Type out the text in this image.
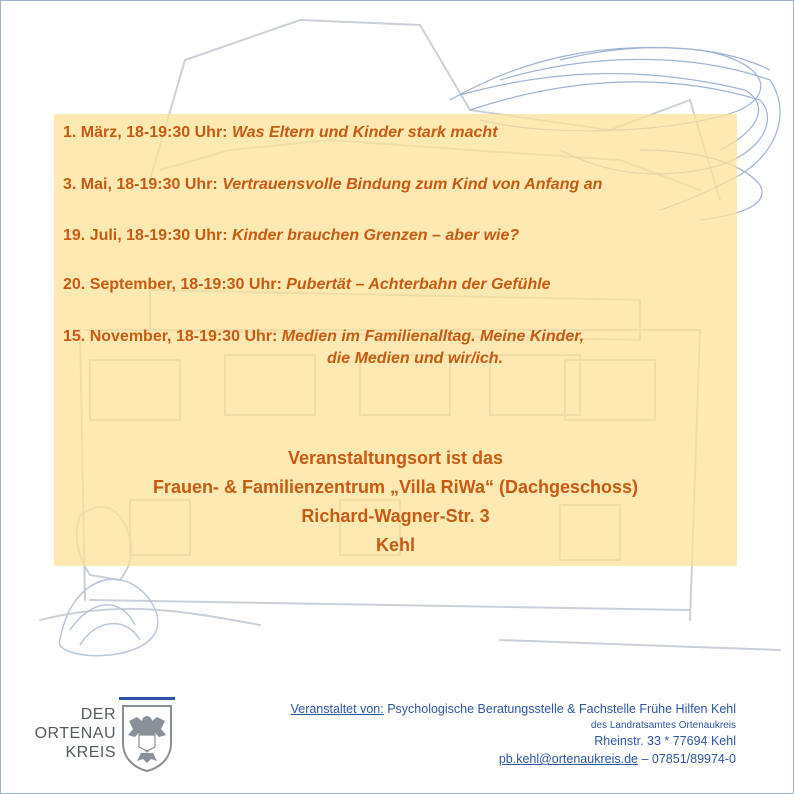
1. März, 18-19:30 Uhr: Was Eltern und Kinder stark macht
3. Mai, 18-19:30 Uhr: Vertrauensvolle Bindung zum Kind von Anfang an
19. Juli, 18-19:30 Uhr: Kinder brauchen Grenzen – aber wie?
20. September, 18-19:30 Uhr: Pubertät – Achterbahn der Gefühle
15. November, 18-19:30 Uhr: Medien im Familienalltag. Meine Kinder,
die Medien und wir/ich.
Veranstaltungsort ist das
Frauen- & Familienzentrum „Villa RiWa“ (Dachgeschoss)
Richard-Wagner-Str. 3
Kehl
DER
ORTENAU
KREIS
Veranstaltet von: Psychologische Beratungsstelle & Fachstelle Frühe Hilfen Kehl
des Landratsamtes Ortenaukreis
Rheinstr. 33 * 77694 Kehl
pb.kehl@ortenaukreis.de – 07851/89974-0
